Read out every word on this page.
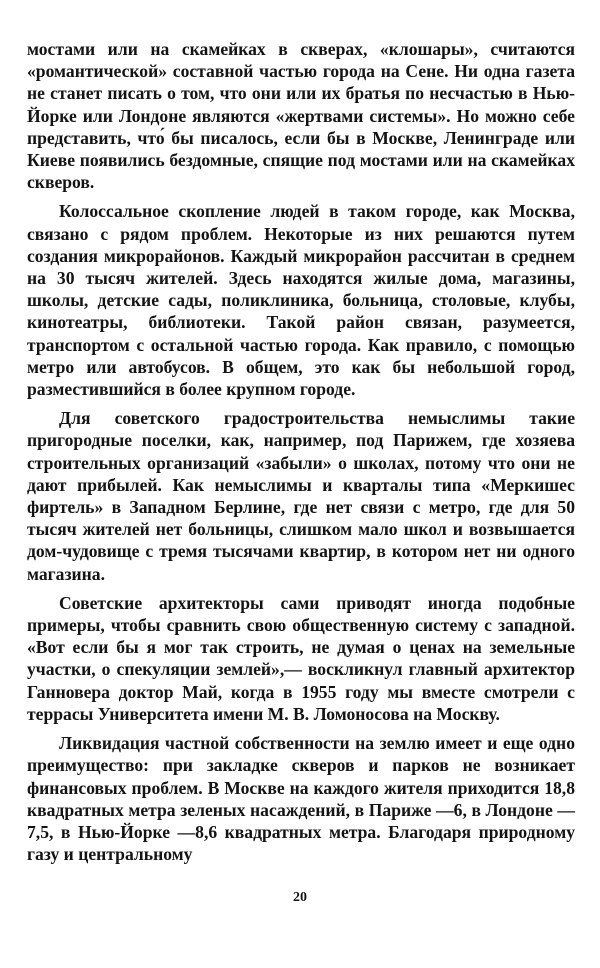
мостами или на скамейках в скверах, «клошары», считаются «романтической» составной частью города на Сене. Ни одна газета не станет писать о том, что они или их братья по несчастью в Нью-Йорке или Лондоне являются «жертвами системы». Но можно себе представить, что́ бы писалось, если бы в Москве, Ленинграде или Киеве появились бездомные, спящие под мостами или на скамейках скверов.

Колоссальное скопление людей в таком городе, как Москва, связано с рядом проблем. Некоторые из них решаются путем создания микрорайонов. Каждый микрорайон рассчитан в среднем на 30 тысяч жителей. Здесь находятся жилые дома, магазины, школы, детские сады, поликлиника, больница, столовые, клубы, кинотеатры, библиотеки. Такой район связан, разумеется, транспортом с остальной частью города. Как правило, с помощью метро или автобусов. В общем, это как бы небольшой город, разместившийся в более крупном городе.

Для советского градостроительства немыслимы такие пригородные поселки, как, например, под Парижем, где хозяева строительных организаций «забыли» о школах, потому что они не дают прибылей. Как немыслимы и кварталы типа «Меркишес фиртель» в Западном Берлине, где нет связи с метро, где для 50 тысяч жителей нет больницы, слишком мало школ и возвышается дом-чудовище с тремя тысячами квартир, в котором нет ни одного магазина.

Советские архитекторы сами приводят иногда подобные примеры, чтобы сравнить свою общественную систему с западной. «Вот если бы я мог так строить, не думая о ценах на земельные участки, о спекуляции землей»,— воскликнул главный архитектор Ганновера доктор Май, когда в 1955 году мы вместе смотрели с террасы Университета имени М. В. Ломоносова на Москву.

Ликвидация частной собственности на землю имеет и еще одно преимущество: при закладке скверов и парков не возникает финансовых проблем. В Москве на каждого жителя приходится 18,8 квадратных метра зеленых насаждений, в Париже —6, в Лондоне —7,5, в Нью-Йорке —8,6 квадратных метра. Благодаря природному газу и центральному

20
